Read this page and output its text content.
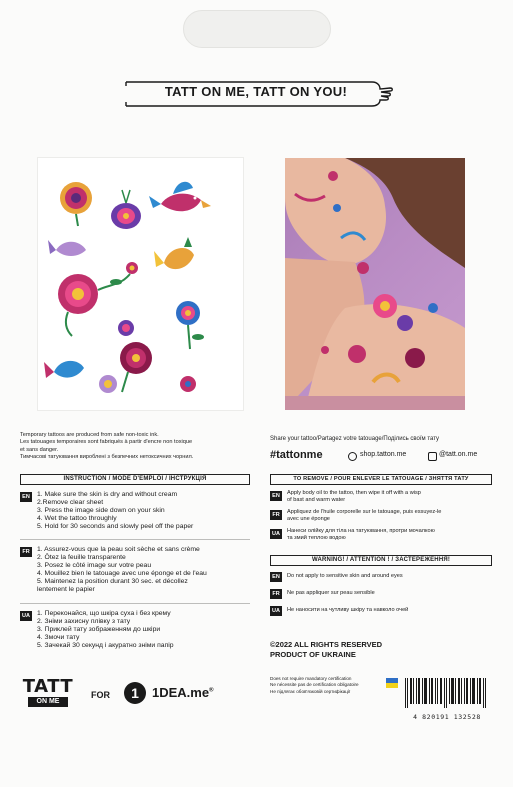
TATT ON ME, TATT ON YOU!
Temporary tattoos are produced from safe non-toxic ink.
Les tatouages temporaires sont fabriqués à partir d'encre non toxique
et sans danger.
Тимчасові татуювання вироблені з безпечних нетоксичних чорнил.
INSTRUCTION / MODE D'EMPLOI / ІНСТРУКЦІЯ
EN	1. Make sure the skin is dry and without cream
2.Remove clear sheet
3. Press the image side down on your skin
4. Wet the tattoo throughly
5. Hold for 30 seconds and slowly peel off the paper
FR	1. Assurez-vous que la peau soit sèche et sans crème
2. Ôtez la feuille transparente
3. Posez le côté image sur votre peau
4. Mouillez bien le tatouage avec une éponge et de l'eau
5. Maintenez la position durant 30 sec. et décollez
lentement le papier
UA 1. Переконайся, що шкіра суха і без крему
2. Зніми захисну плівку з тату
3. Приклей тату зображенням до шкіри
4. Змочи тату
5. Зачекай 30 секунд і акуратно зніми папір
TATT
ON ME
FOR	1	1DEA.me®
Share your tattoo/Partagez votre tatouage/Поділись своїм тату
#tattonme	shop.tatton.me	@tatt.on.me
TO REMOVE / POUR ENLEVER LE TATOUAGE / ЗНЯТТЯ ТАТУ
EN	Apply body oil to the tattoo, then wipe it off with a wisp
of bast and warm water
FR	Appliquez de l'huile corporelle sur le tatouage, puis essuyez-le
avec une éponge
UA	Нанеси олійку для тіла на татуювання, протри мочалкою
та змий теплою водою
WARNING! / ATTENTION ! / ЗАСТЕРЕЖЕННЯ!
EN	Do not apply to sensitive skin and around eyes
FR	Ne pas appliquer sur peau sensible
UA	Не наносити на чутливу шкіру та навколо очей
©2022 ALL RIGHTS RESERVED
PRODUCT OF UKRAINE
Does not require mandatory certification
Ne nécessite pas de certification obligatoire
Не підлягає обов'язковій сертифікації
4 820191 132528
